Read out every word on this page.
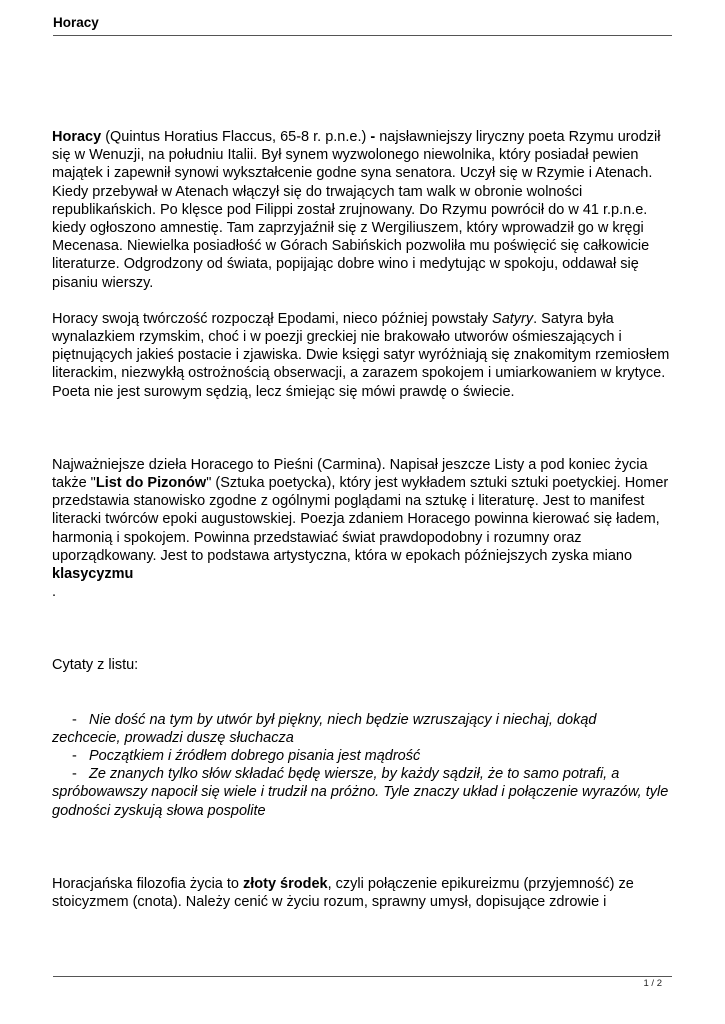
Horacy

Horacy (Quintus Horatius Flaccus, 65-8 r. p.n.e.) - najsławniejszy liryczny poeta Rzymu urodził się w Wenuzji, na południu Italii. Był synem wyzwolonego niewolnika, który posiadał pewien majątek i zapewnił synowi wykształcenie godne syna senatora. Uczył się w Rzymie i Atenach. Kiedy przebywał w Atenach włączył się do trwających tam walk w obronie wolności republikańskich. Po klęsce pod Filippi został zrujnowany. Do Rzymu powrócił do w 41 r.p.n.e. kiedy ogłoszono amnestię. Tam zaprzyjaźnił się z Wergiliuszem, który wprowadził go w kręgi Mecenasa. Niewielka posiadłość w Górach Sabińskich pozwoliła mu poświęcić się całkowicie literaturze. Odgrodzony od świata, popijając dobre wino i medytując w spokoju, oddawał się pisaniu wierszy.

Horacy swoją twórczość rozpoczął Epodami, nieco później powstały Satyry. Satyra była wynalazkiem rzymskim, choć i w poezji greckiej nie brakowało utworów ośmieszających i piętnujących jakieś postacie i zjawiska. Dwie księgi satyr wyróżniają się znakomitym rzemiosłem literackim, niezwykłą ostrożnością obserwacji, a zarazem spokojem i umiarkowaniem w krytyce. Poeta nie jest surowym sędzią, lecz śmiejąc się mówi prawdę o świecie.

Najważniejsze dzieła Horacego to Pieśni (Carmina). Napisał jeszcze Listy a pod koniec życia także "List do Pizonów" (Sztuka poetycka), który jest wykładem sztuki sztuki poetyckiej. Homer przedstawia stanowisko zgodne z ogólnymi poglądami na sztukę i literaturę. Jest to manifest literacki twórców epoki augustowskiej. Poezja zdaniem Horacego powinna kierować się ładem, harmonią i spokojem. Powinna przedstawiać świat prawdopodobny i rozumny oraz uporządkowany. Jest to podstawa artystyczna, która w epokach późniejszych zyska miano
klasycyzmu
.

Cytaty z listu:

- Nie dość na tym by utwór był piękny, niech będzie wzruszający i niechaj, dokąd
zechcecie, prowadzi duszę słuchacza
- Początkiem i źródłem dobrego pisania jest mądrość
- Ze znanych tylko słów składać będę wiersze, by każdy sądził, że to samo potrafi, a
spróbowawszy napocił się wiele i trudził na próżno. Tyle znaczy układ i połączenie wyrazów, tyle godności zyskują słowa pospolite

Horacjańska filozofia życia to złoty środek, czyli połączenie epikureizmu (przyjemność) ze stoicyzmem (cnota). Należy cenić w życiu rozum, sprawny umysł, dopisujące zdrowie i

1 / 2
